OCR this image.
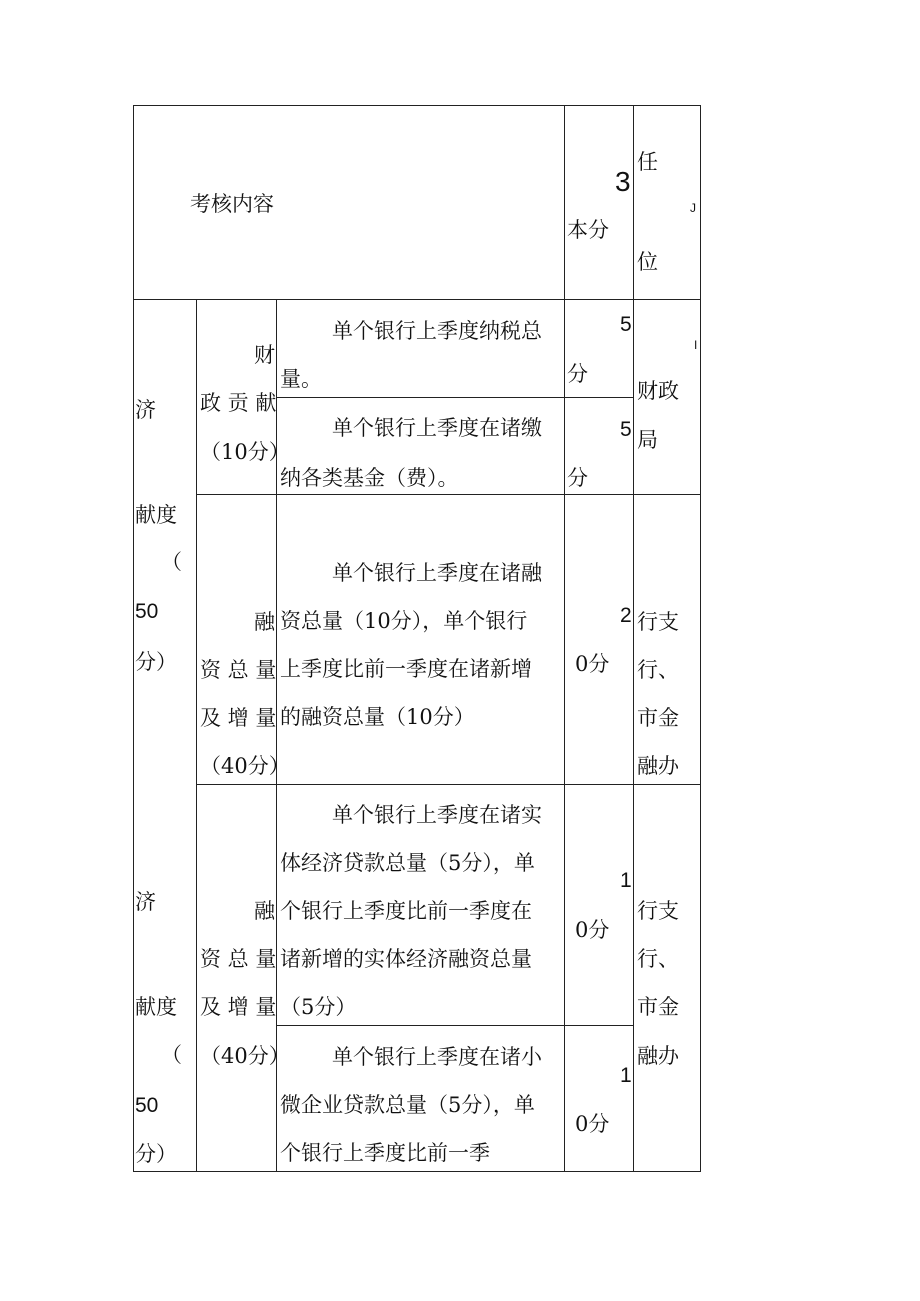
考核内容
3
本分
任
J
位
济
献度
（
50
分）
财
政 贡 献
（10分）
单个银行上季度纳税总
量。
5
分
单个银行上季度在诸缴
纳各类基金（费）。
5
分
I
财政
局
融
资 总 量
及 增 量
（40分）
单个银行上季度在诸融
资总量（10分），单个银行
上季度比前一季度在诸新增
的融资总量（10分）
2
0分
行支
行、
市金
融办
济
献度
（
50
分）
融
资 总 量
及 增 量
（40分）
单个银行上季度在诸实
体经济贷款总量（5分），单
个银行上季度比前一季度在
诸新增的实体经济融资总量
（5分）
1
0分
单个银行上季度在诸小
微企业贷款总量（5分），单
个银行上季度比前一季
1
0分
行支
行、
市金
融办
